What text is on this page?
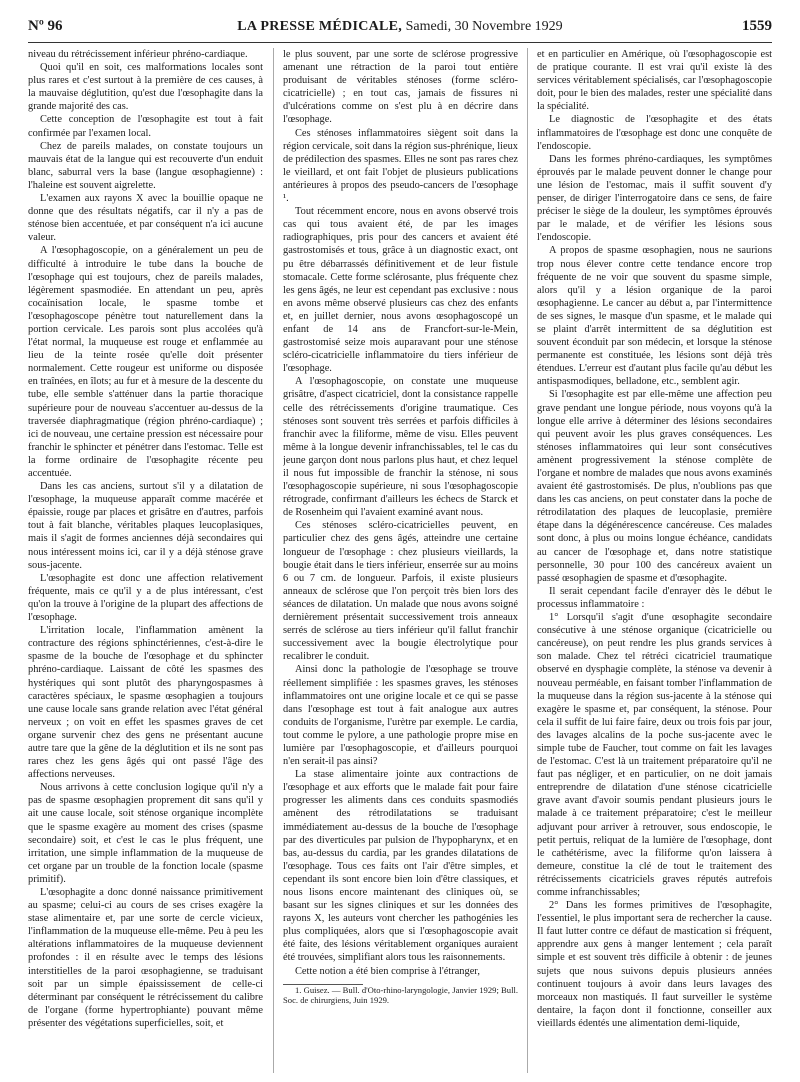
Nº 96	LA PRESSE MÉDICALE, Samedi, 30 Novembre 1929	1559

niveau du rétrécissement inférieur phréno-cardiaque.

Quoi qu'il en soit, ces malformations locales sont plus rares et c'est surtout à la première de ces causes, à la mauvaise déglutition, qu'est due l'œsophagite dans la grande majorité des cas.

Cette conception de l'œsophagite est tout à fait confirmée par l'examen local.

Chez de pareils malades, on constate toujours un mauvais état de la langue qui est recouverte d'un enduit blanc, saburral vers la base (langue œsophagienne) : l'haleine est souvent aigrelette.

L'examen aux rayons X avec la bouillie opaque ne donne que des résultats négatifs, car il n'y a pas de sténose bien accentuée, et par conséquent n'a ici aucune valeur.

A l'œsophagoscopie, on a généralement un peu de difficulté à introduire le tube dans la bouche de l'œsophage qui est toujours, chez de pareils malades, légèrement spasmodiée. En attendant un peu, après cocaïnisation locale, le spasme tombe et l'œsophagoscope pénètre tout naturellement dans la portion cervicale. Les parois sont plus accolées qu'à l'état normal, la muqueuse est rouge et enflammée au lieu de la teinte rosée qu'elle doit présenter normalement. Cette rougeur est uniforme ou disposée en traînées, en îlots; au fur et à mesure de la descente du tube, elle semble s'atténuer dans la partie thoracique supérieure pour de nouveau s'accentuer au-dessus de la traversée diaphragmatique (région phréno-cardiaque) ; ici de nouveau, une certaine pression est nécessaire pour franchir le sphincter et pénétrer dans l'estomac. Telle est la forme ordinaire de l'œsophagite récente peu accentuée.

Dans les cas anciens, surtout s'il y a dilatation de l'œsophage, la muqueuse apparaît comme macérée et épaissie, rouge par places et grisâtre en d'autres, parfois tout à fait blanche, véritables plaques leucoplasiques, mais il s'agit de formes anciennes déjà secondaires qui nous intéressent moins ici, car il y a déjà sténose grave sous-jacente.

L'œsophagite est donc une affection relativement fréquente, mais ce qu'il y a de plus intéressant, c'est qu'on la trouve à l'origine de la plupart des affections de l'œsophage.

L'irritation locale, l'inflammation amènent la contracture des régions sphinctériennes, c'est-à-dire le spasme de la bouche de l'œsophage et du sphincter phréno-cardiaque. Laissant de côté les spasmes des hystériques qui sont plutôt des pharyngospasmes à caractères spéciaux, le spasme œsophagien a toujours une cause locale sans grande relation avec l'état général nerveux ; on voit en effet les spasmes graves de cet organe survenir chez des gens ne présentant aucune autre tare que la gêne de la déglutition et ils ne sont pas rares chez les gens âgés qui ont passé l'âge des affections nerveuses.

Nous arrivons à cette conclusion logique qu'il n'y a pas de spasme œsophagien proprement dit sans qu'il y ait une cause locale, soit sténose organique incomplète que le spasme exagère au moment des crises (spasme secondaire) soit, et c'est le cas le plus fréquent, une irritation, une simple inflammation de la muqueuse de cet organe par un trouble de la fonction locale (spasme primitif).

L'œsophagite a donc donné naissance primitivement au spasme; celui-ci au cours de ses crises exagère la stase alimentaire et, par une sorte de cercle vicieux, l'inflammation de la muqueuse elle-même. Peu à peu les altérations inflammatoires de la muqueuse deviennent profondes : il en résulte avec le temps des lésions interstitielles de la paroi œsophagienne, se traduisant soit par un simple épaississement de celle-ci déterminant par conséquent le rétrécissement du calibre de l'organe (forme hypertrophiante) pouvant même présenter des végétations superficielles, soit, et

le plus souvent, par une sorte de sclérose progressive amenant une rétraction de la paroi tout entière produisant de véritables sténoses (forme scléro-cicatricielle) ; en tout cas, jamais de fissures ni d'ulcérations comme on s'est plu à en décrire dans l'œsophage.

Ces sténoses inflammatoires siègent soit dans la région cervicale, soit dans la région sus-phrénique, lieux de prédilection des spasmes. Elles ne sont pas rares chez le vieillard, et ont fait l'objet de plusieurs publications antérieures à propos des pseudo-cancers de l'œsophage ¹.

Tout récemment encore, nous en avons observé trois cas qui tous avaient été, de par les images radiographiques, pris pour des cancers et avaient été gastrostomisés et tous, grâce à un diagnostic exact, ont pu être débarrassés définitivement et de leur fistule stomacale. Cette forme sclérosante, plus fréquente chez les gens âgés, ne leur est cependant pas exclusive : nous en avons même observé plusieurs cas chez des enfants et, en juillet dernier, nous avons œsophagoscopé un enfant de 14 ans de Francfort-sur-le-Mein, gastrostomisé seize mois auparavant pour une sténose scléro-cicatricielle inflammatoire du tiers inférieur de l'œsophage.

A l'œsophagoscopie, on constate une muqueuse grisâtre, d'aspect cicatriciel, dont la consistance rappelle celle des rétrécissements d'origine traumatique. Ces sténoses sont souvent très serrées et parfois difficiles à franchir avec la filiforme, même de visu. Elles peuvent même à la longue devenir infranchissables, tel le cas du jeune garçon dont nous parlons plus haut, et chez lequel il nous fut impossible de franchir la sténose, ni sous l'œsophagoscopie supérieure, ni sous l'œsophagoscopie rétrograde, confirmant d'ailleurs les échecs de Starck et de Rosenheim qui l'avaient examiné avant nous.

Ces sténoses scléro-cicatricielles peuvent, en particulier chez des gens âgés, atteindre une certaine longueur de l'œsophage : chez plusieurs vieillards, la bougie était dans le tiers inférieur, enserrée sur au moins 6 ou 7 cm. de longueur. Parfois, il existe plusieurs anneaux de sclérose que l'on perçoit très bien lors des séances de dilatation. Un malade que nous avons soigné dernièrement présentait successivement trois anneaux serrés de sclérose au tiers inférieur qu'il fallut franchir successivement avec la bougie électrolytique pour recalibrer le conduit.

Ainsi donc la pathologie de l'œsophage se trouve réellement simplifiée : les spasmes graves, les sténoses inflammatoires ont une origine locale et ce qui se passe dans l'œsophage est tout à fait analogue aux autres conduits de l'organisme, l'urètre par exemple. Le cardia, tout comme le pylore, a une pathologie propre mise en lumière par l'œsophagoscopie, et d'ailleurs pourquoi n'en serait-il pas ainsi?

La stase alimentaire jointe aux contractions de l'œsophage et aux efforts que le malade fait pour faire progresser les aliments dans ces conduits spasmodiés amènent des rétrodilatations se traduisant immédiatement au-dessus de la bouche de l'œsophage par des diverticules par pulsion de l'hypopharynx, et en bas, au-dessus du cardia, par les grandes dilatations de l'œsophage. Tous ces faits ont l'air d'être simples, et cependant ils sont encore bien loin d'être classiques, et nous lisons encore maintenant des cliniques où, se basant sur les signes cliniques et sur les données des rayons X, les auteurs vont chercher les pathogénies les plus compliquées, alors que si l'œsophagoscopie avait été faite, des lésions véritablement organiques auraient été trouvées, simplifiant alors tous les raisonnements.

Cette notion a été bien comprise à l'étranger,

1. Guisez. — Bull. d'Oto-rhino-laryngologie, Janvier 1929; Bull. Soc. de chirurgiens, Juin 1929.

et en particulier en Amérique, où l'œsophagoscopie est de pratique courante. Il est vrai qu'il existe là des services véritablement spécialisés, car l'œsophagoscopie doit, pour le bien des malades, rester une spécialité dans la spécialité.

Le diagnostic de l'œsophagite et des états inflammatoires de l'œsophage est donc une conquête de l'endoscopie.

Dans les formes phréno-cardiaques, les symptômes éprouvés par le malade peuvent donner le change pour une lésion de l'estomac, mais il suffit souvent d'y penser, de diriger l'interrogatoire dans ce sens, de faire préciser le siège de la douleur, les symptômes éprouvés par le malade, et de vérifier les lésions sous l'endoscopie.

A propos de spasme œsophagien, nous ne saurions trop nous élever contre cette tendance encore trop fréquente de ne voir que souvent du spasme simple, alors qu'il y a lésion organique de la paroi œsophagienne. Le cancer au début a, par l'intermittence de ses signes, le masque d'un spasme, et le malade qui se plaint d'arrêt intermittent de sa déglutition est souvent éconduit par son médecin, et lorsque la sténose permanente est constituée, les lésions sont déjà très étendues. L'erreur est d'autant plus facile qu'au début les antispasmodiques, belladone, etc., semblent agir.

Si l'œsophagite est par elle-même une affection peu grave pendant une longue période, nous voyons qu'à la longue elle arrive à déterminer des lésions secondaires qui peuvent avoir les plus graves conséquences. Les sténoses inflammatoires qui leur sont consécutives amènent progressivement la sténose complète de l'organe et nombre de malades que nous avons examinés avaient été gastrostomisés. De plus, n'oublions pas que dans les cas anciens, on peut constater dans la poche de rétrodilatation des plaques de leucoplasie, première étape dans la dégénérescence cancéreuse. Ces malades sont donc, à plus ou moins longue échéance, candidats au cancer de l'œsophage et, dans notre statistique personnelle, 30 pour 100 des cancéreux avaient un passé œsophagien de spasme et d'œsophagite.

Il serait cependant facile d'enrayer dès le début le processus inflammatoire :

1° Lorsqu'il s'agit d'une œsophagite secondaire consécutive à une sténose organique (cicatricielle ou cancéreuse), on peut rendre les plus grands services à son malade. Chez tel rétréci cicatriciel traumatique observé en dysphagie complète, la sténose va devenir à nouveau perméable, en faisant tomber l'inflammation de la muqueuse dans la région sus-jacente à la sténose qui exagère le spasme et, par conséquent, la sténose. Pour cela il suffit de lui faire faire, deux ou trois fois par jour, des lavages alcalins de la poche sus-jacente avec le simple tube de Faucher, tout comme on fait les lavages de l'estomac. C'est là un traitement préparatoire qu'il ne faut pas négliger, et en particulier, on ne doit jamais entreprendre de dilatation d'une sténose cicatricielle grave avant d'avoir soumis pendant plusieurs jours le malade à ce traitement préparatoire; c'est le meilleur adjuvant pour arriver à retrouver, sous endoscopie, le petit pertuis, reliquat de la lumière de l'œsophage, dont le cathétérisme, avec la filiforme qu'on laissera à demeure, constitue la clé de tout le traitement des rétrécissements cicatriciels graves réputés autrefois comme infranchissables;

2° Dans les formes primitives de l'œsophagite, l'essentiel, le plus important sera de rechercher la cause. Il faut lutter contre ce défaut de mastication si fréquent, apprendre aux gens à manger lentement ; cela paraît simple et est souvent très difficile à obtenir : de jeunes sujets que nous suivons depuis plusieurs années continuent toujours à avoir dans leurs lavages des morceaux non mastiqués. Il faut surveiller le système dentaire, la façon dont il fonctionne, conseiller aux vieillards édentés une alimentation demi-liquide,
